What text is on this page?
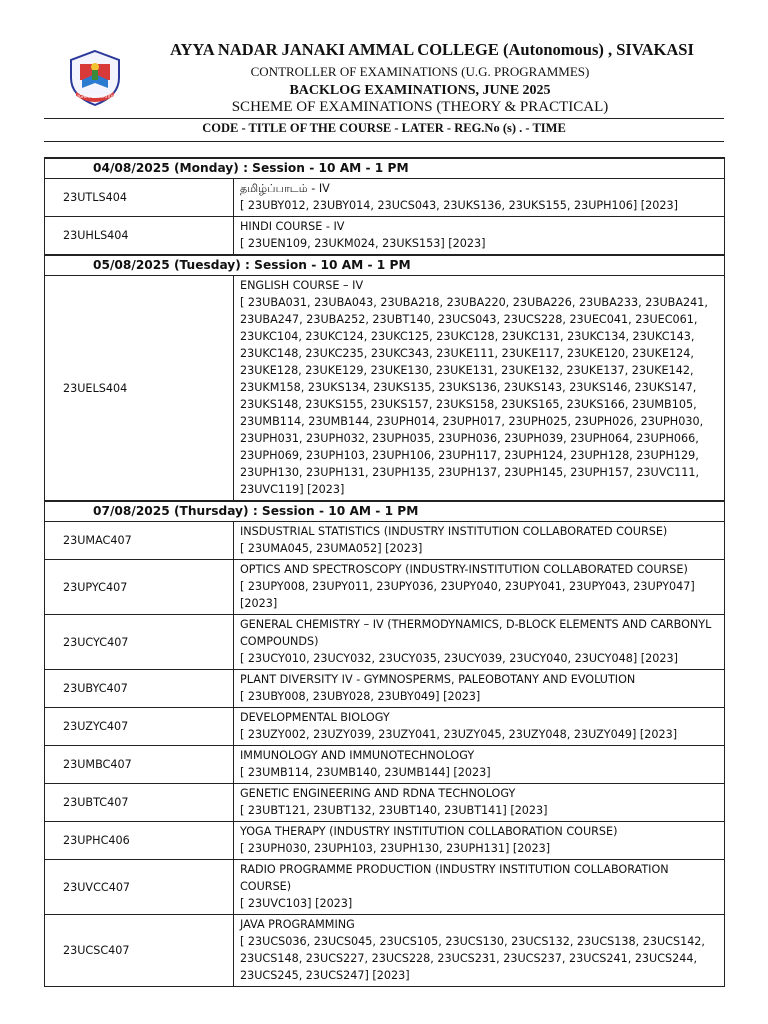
HIGHER EDUCATION
AYYA NADAR JANAKI AMMAL COLLEGE (Autonomous) , SIVAKASI
CONTROLLER OF EXAMINATIONS (U.G. PROGRAMMES)
BACKLOG EXAMINATIONS, JUNE 2025
SCHEME OF EXAMINATIONS (THEORY & PRACTICAL)
CODE - TITLE OF THE COURSE - LATER - REG.No (s) . - TIME
04/08/2025 (Monday) : Session - 10 AM - 1 PM	
23UTLS404	தமிழ்ப்பாடம் - IV
[ 23UBY012, 23UBY014, 23UCS043, 23UKS136, 23UKS155, 23UPH106] [2023]

23UHLS404	HINDI COURSE - IV
[ 23UEN109, 23UKM024, 23UKS153] [2023]

05/08/2025 (Tuesday) : Session - 10 AM - 1 PM	
23UELS404	ENGLISH COURSE – IV
[ 23UBA031, 23UBA043, 23UBA218, 23UBA220, 23UBA226, 23UBA233, 23UBA241, 23UBA247, 23UBA252, 23UBT140, 23UCS043, 23UCS228, 23UEC041, 23UEC061, 23UKC104, 23UKC124, 23UKC125, 23UKC128, 23UKC131, 23UKC134, 23UKC143, 23UKC148, 23UKC235, 23UKC343, 23UKE111, 23UKE117, 23UKE120, 23UKE124, 23UKE128, 23UKE129, 23UKE130, 23UKE131, 23UKE132, 23UKE137, 23UKE142, 23UKM158, 23UKS134, 23UKS135, 23UKS136, 23UKS143, 23UKS146, 23UKS147, 23UKS148, 23UKS155, 23UKS157, 23UKS158, 23UKS165, 23UKS166, 23UMB105, 23UMB114, 23UMB144, 23UPH014, 23UPH017, 23UPH025, 23UPH026, 23UPH030, 23UPH031, 23UPH032, 23UPH035, 23UPH036, 23UPH039, 23UPH064, 23UPH066, 23UPH069, 23UPH103, 23UPH106, 23UPH117, 23UPH124, 23UPH128, 23UPH129, 23UPH130, 23UPH131, 23UPH135, 23UPH137, 23UPH145, 23UPH157, 23UVC111, 23UVC119] [2023]

07/08/2025 (Thursday) : Session - 10 AM - 1 PM	
23UMAC407	INSDUSTRIAL STATISTICS (INDUSTRY INSTITUTION COLLABORATED COURSE)
[ 23UMA045, 23UMA052] [2023]

23UPYC407	OPTICS AND SPECTROSCOPY (INDUSTRY-INSTITUTION COLLABORATED COURSE)
[ 23UPY008, 23UPY011, 23UPY036, 23UPY040, 23UPY041, 23UPY043, 23UPY047] [2023]

23UCYC407	GENERAL CHEMISTRY – IV (THERMODYNAMICS, D-BLOCK ELEMENTS AND CARBONYL COMPOUNDS)
[ 23UCY010, 23UCY032, 23UCY035, 23UCY039, 23UCY040, 23UCY048] [2023]

23UBYC407	PLANT DIVERSITY IV - GYMNOSPERMS, PALEOBOTANY AND EVOLUTION
[ 23UBY008, 23UBY028, 23UBY049] [2023]

23UZYC407	DEVELOPMENTAL BIOLOGY
[ 23UZY002, 23UZY039, 23UZY041, 23UZY045, 23UZY048, 23UZY049] [2023]

23UMBC407	IMMUNOLOGY AND IMMUNOTECHNOLOGY
[ 23UMB114, 23UMB140, 23UMB144] [2023]

23UBTC407	GENETIC ENGINEERING AND RDNA TECHNOLOGY
[ 23UBT121, 23UBT132, 23UBT140, 23UBT141] [2023]

23UPHC406	YOGA THERAPY (INDUSTRY INSTITUTION COLLABORATION COURSE)
[ 23UPH030, 23UPH103, 23UPH130, 23UPH131] [2023]

23UVCC407	RADIO PROGRAMME PRODUCTION (INDUSTRY INSTITUTION COLLABORATION COURSE)
[ 23UVC103] [2023]

23UCSC407	JAVA PROGRAMMING
[ 23UCS036, 23UCS045, 23UCS105, 23UCS130, 23UCS132, 23UCS138, 23UCS142, 23UCS148, 23UCS227, 23UCS228, 23UCS231, 23UCS237, 23UCS241, 23UCS244, 23UCS245, 23UCS247] [2023]
